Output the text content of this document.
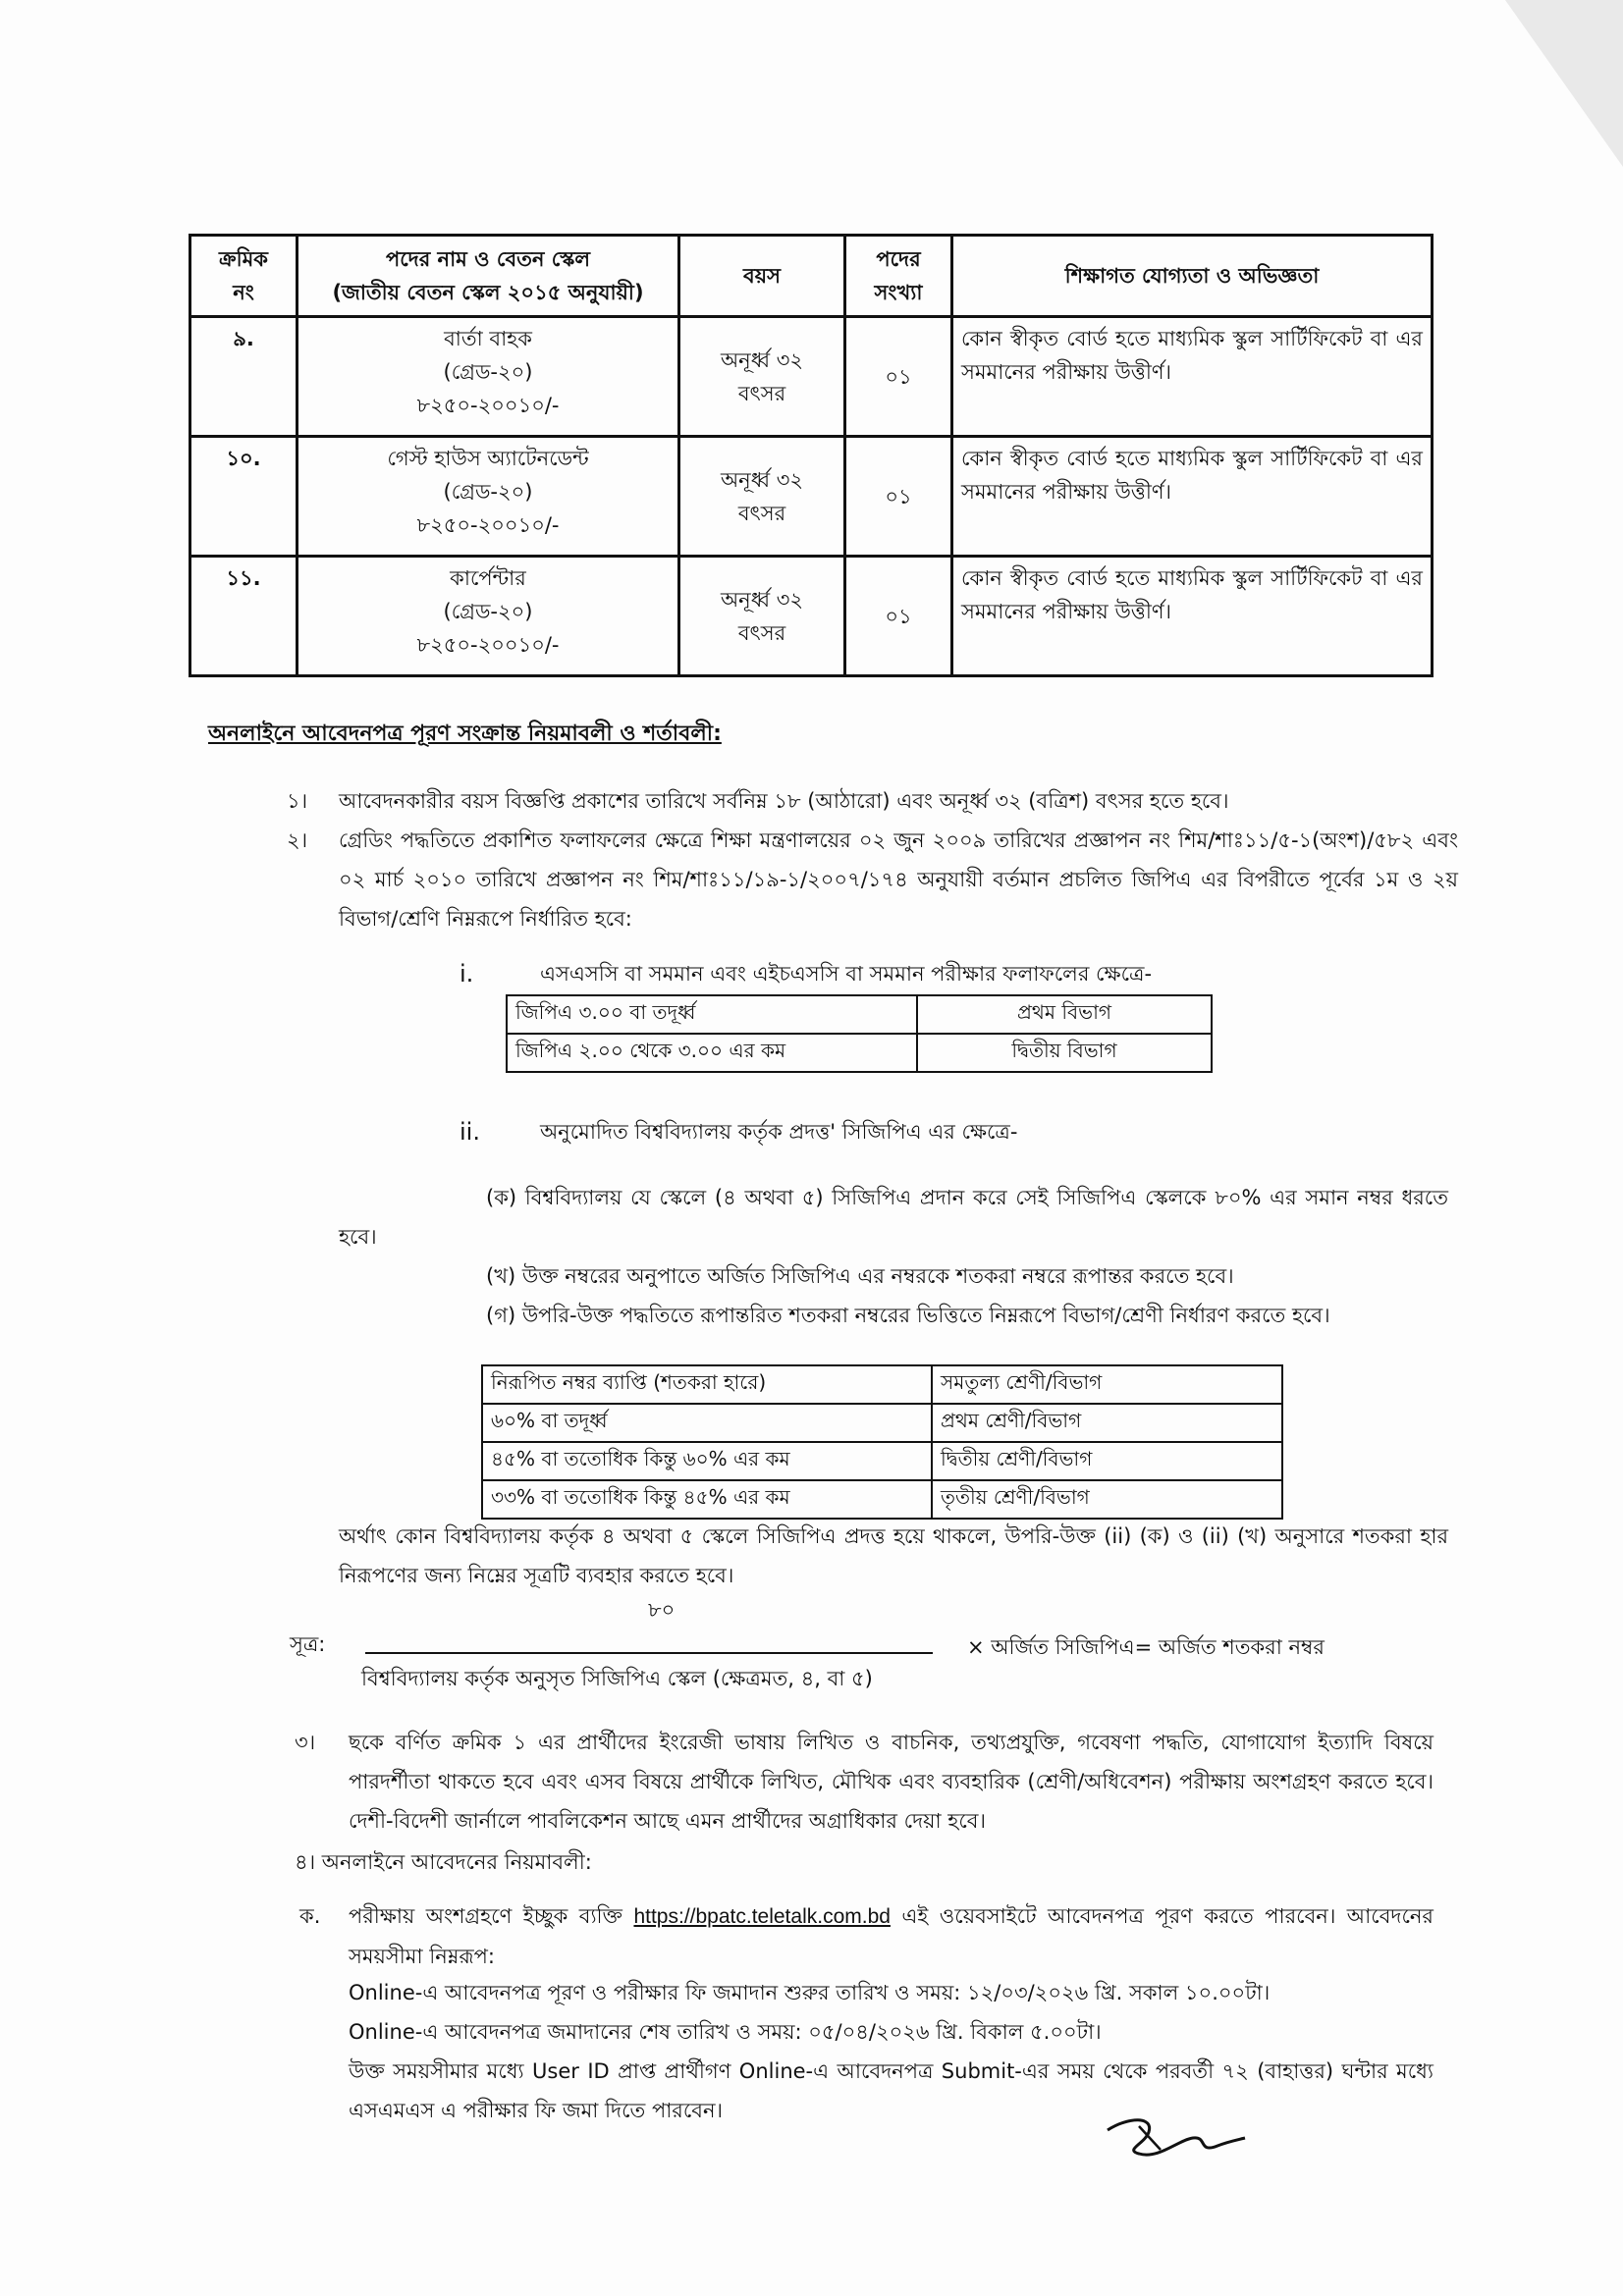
ক্রমিক
নং	পদের নাম ও বেতন স্কেল
(জাতীয় বেতন স্কেল ২০১৫ অনুযায়ী)	বয়স	পদের
সংখ্যা	শিক্ষাগত যোগ্যতা ও অভিজ্ঞতা
৯.	বার্তা বাহক
(গ্রেড-২০)
৮২৫০-২০০১০/-	অনূর্ধ্ব ৩২
বৎসর	০১	কোন স্বীকৃত বোর্ড হতে মাধ্যমিক স্কুল সার্টিফিকেট বা এর সমমানের পরীক্ষায় উত্তীর্ণ।
১০.	গেস্ট হাউস অ্যাটেনডেন্ট
(গ্রেড-২০)
৮২৫০-২০০১০/-	অনূর্ধ্ব ৩২
বৎসর	০১	কোন স্বীকৃত বোর্ড হতে মাধ্যমিক স্কুল সার্টিফিকেট বা এর সমমানের পরীক্ষায় উত্তীর্ণ।
১১.	কার্পেন্টার
(গ্রেড-২০)
৮২৫০-২০০১০/-	অনূর্ধ্ব ৩২
বৎসর	০১	কোন স্বীকৃত বোর্ড হতে মাধ্যমিক স্কুল সার্টিফিকেট বা এর সমমানের পরীক্ষায় উত্তীর্ণ।
অনলাইনে আবেদনপত্র পূরণ সংক্রান্ত নিয়মাবলী ও শর্তাবলী:
১। আবেদনকারীর বয়স বিজ্ঞপ্তি প্রকাশের তারিখে সর্বনিম্ন ১৮ (আঠারো) এবং অনূর্ধ্ব ৩২ (বত্রিশ) বৎসর হতে হবে।
২। গ্রেডিং পদ্ধতিতে প্রকাশিত ফলাফলের ক্ষেত্রে শিক্ষা মন্ত্রণালয়ের ০২ জুন ২০০৯ তারিখের প্রজ্ঞাপন নং শিম/শাঃ১১/৫-১(অংশ)/৫৮২ এবং ০২ মার্চ ২০১০ তারিখে প্রজ্ঞাপন নং শিম/শাঃ১১/১৯-১/২০০৭/১৭৪ অনুযায়ী বর্তমান প্রচলিত জিপিএ এর বিপরীতে পূর্বের ১ম ও ২য় বিভাগ/শ্রেণি নিম্নরূপে নির্ধারিত হবে:
i.	এসএসসি বা সমমান এবং এইচএসসি বা সমমান পরীক্ষার ফলাফলের ক্ষেত্রে-
জিপিএ ৩.০০ বা তদূর্ধ্ব	প্রথম বিভাগ
জিপিএ ২.০০ থেকে ৩.০০ এর কম	দ্বিতীয় বিভাগ
ii.	অনুমোদিত বিশ্ববিদ্যালয় কর্তৃক প্রদত্ত' সিজিপিএ এর ক্ষেত্রে-
(ক) বিশ্ববিদ্যালয় যে স্কেলে (৪ অথবা ৫) সিজিপিএ প্রদান করে সেই সিজিপিএ স্কেলকে ৮০% এর সমান নম্বর ধরতে হবে।
(খ) উক্ত নম্বরের অনুপাতে অর্জিত সিজিপিএ এর নম্বরকে শতকরা নম্বরে রূপান্তর করতে হবে।
(গ) উপরি-উক্ত পদ্ধতিতে রূপান্তরিত শতকরা নম্বরের ভিত্তিতে নিম্নরূপে বিভাগ/শ্রেণী নির্ধারণ করতে হবে।
নিরূপিত নম্বর ব্যাপ্তি (শতকরা হারে)	সমতুল্য শ্রেণী/বিভাগ
৬০% বা তদূর্ধ্ব	প্রথম শ্রেণী/বিভাগ
৪৫% বা ততোধিক কিন্তু ৬০% এর কম	দ্বিতীয় শ্রেণী/বিভাগ
৩৩% বা ততোধিক কিন্তু ৪৫% এর কম	তৃতীয় শ্রেণী/বিভাগ
অর্থাৎ কোন বিশ্ববিদ্যালয় কর্তৃক ৪ অথবা ৫ স্কেলে সিজিপিএ প্রদত্ত হয়ে থাকলে, উপরি-উক্ত (ii) (ক) ও (ii) (খ) অনুসারে শতকরা হার নিরূপণের জন্য নিম্নের সূত্রটি ব্যবহার করতে হবে।
৮০
সূত্র:	× অর্জিত সিজিপিএ= অর্জিত শতকরা নম্বর
বিশ্ববিদ্যালয় কর্তৃক অনুসৃত সিজিপিএ স্কেল (ক্ষেত্রমত, ৪, বা ৫)
৩। ছকে বর্ণিত ক্রমিক ১ এর প্রার্থীদের ইংরেজী ভাষায় লিখিত ও বাচনিক, তথ্যপ্রযুক্তি, গবেষণা পদ্ধতি, যোগাযোগ ইত্যাদি বিষয়ে পারদর্শীতা থাকতে হবে এবং এসব বিষয়ে প্রার্থীকে লিখিত, মৌখিক এবং ব্যবহারিক (শ্রেণী/অধিবেশন) পরীক্ষায় অংশগ্রহণ করতে হবে। দেশী-বিদেশী জার্নালে পাবলিকেশন আছে এমন প্রার্থীদের অগ্রাধিকার দেয়া হবে।
৪। অনলাইনে আবেদনের নিয়মাবলী:
ক. পরীক্ষায় অংশগ্রহণে ইচ্ছুক ব্যক্তি https://bpatc.teletalk.com.bd এই ওয়েবসাইটে আবেদনপত্র পূরণ করতে পারবেন। আবেদনের সময়সীমা নিম্নরূপ:
Online-এ আবেদনপত্র পূরণ ও পরীক্ষার ফি জমাদান শুরুর তারিখ ও সময়: ১২/০৩/২০২৬ খ্রি. সকাল ১০.০০টা।
Online-এ আবেদনপত্র জমাদানের শেষ তারিখ ও সময়: ০৫/০৪/২০২৬ খ্রি. বিকাল ৫.০০টা।
উক্ত সময়সীমার মধ্যে User ID প্রাপ্ত প্রার্থীগণ Online-এ আবেদনপত্র Submit-এর সময় থেকে পরবর্তী ৭২ (বাহাত্তর) ঘন্টার মধ্যে এসএমএস এ পরীক্ষার ফি জমা দিতে পারবেন।
